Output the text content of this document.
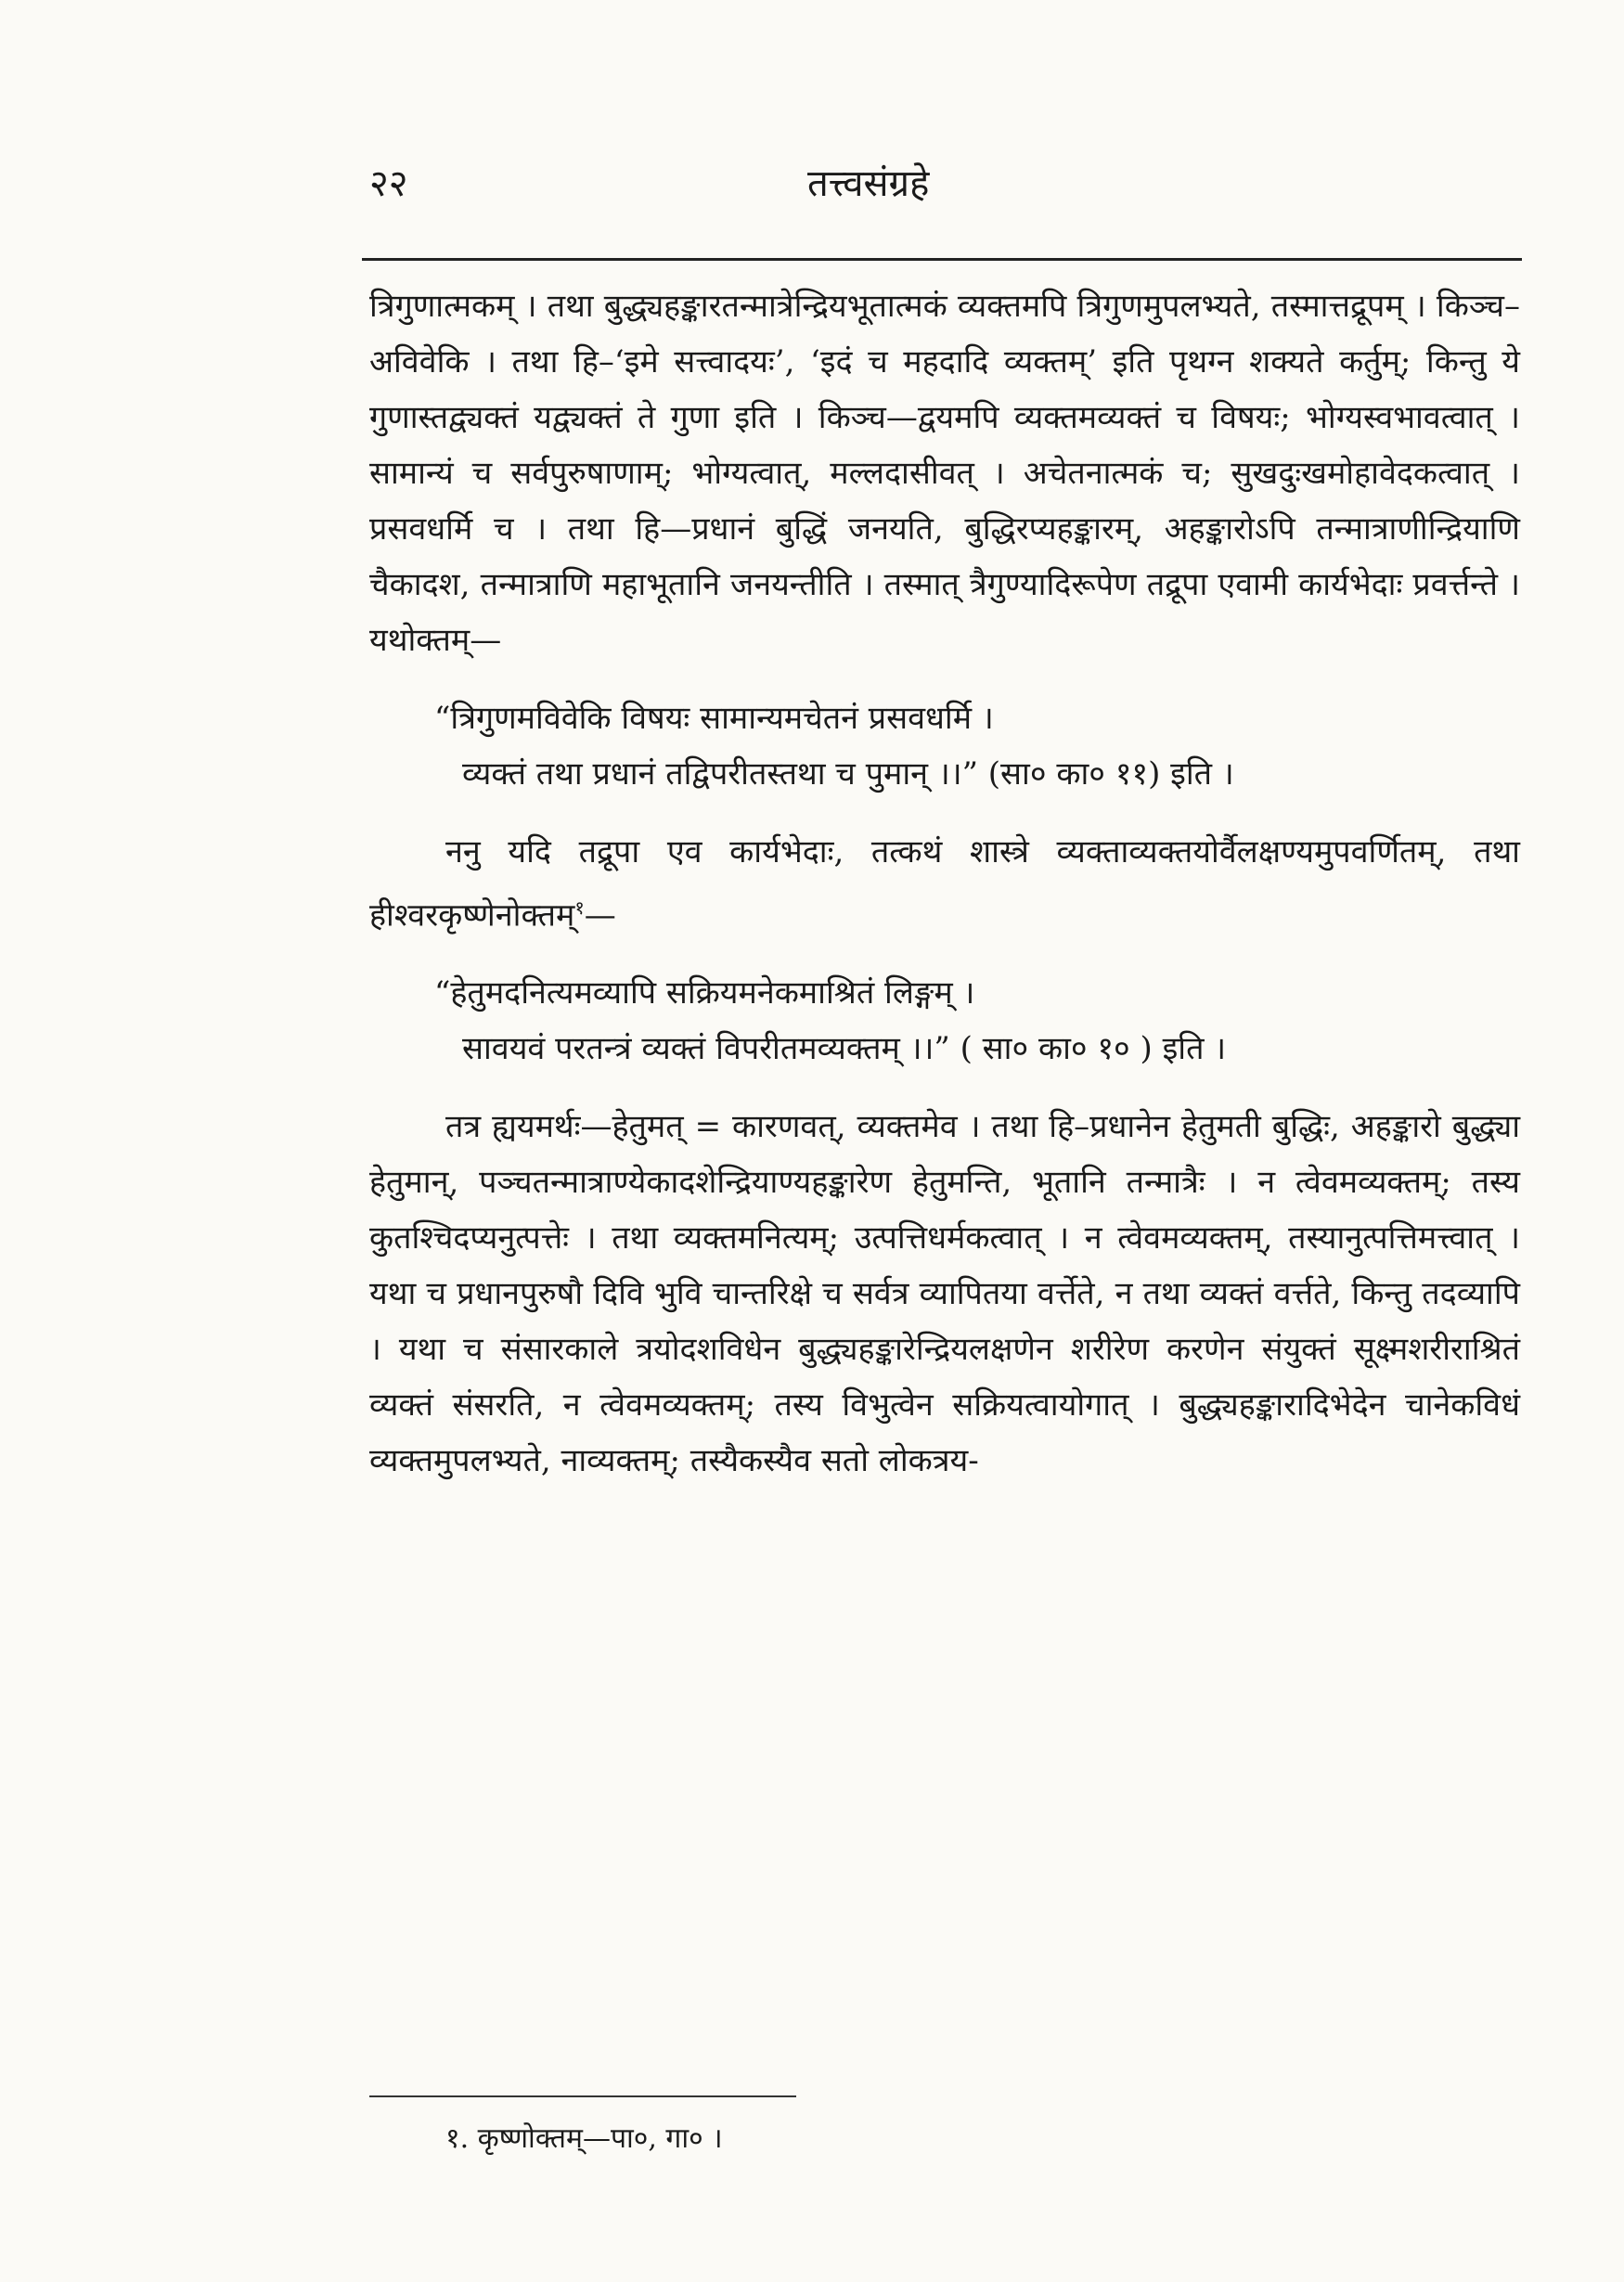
२२	तत्त्वसंग्रहे

त्रिगुणात्मकम् । तथा बुद्ध्यहङ्कारतन्मात्रेन्द्रियभूतात्मकं व्यक्तमपि त्रिगुणमुपलभ्यते, तस्मात्तद्रूपम् । किञ्च–अविवेकि । तथा हि–‘इमे सत्त्वादयः’, ‘इदं च महदादि व्यक्तम्’ इति पृथग्न शक्यते कर्तुम्; किन्तु ये गुणास्तद्व्यक्तं यद्व्यक्तं ते गुणा इति । किञ्च—द्वयमपि व्यक्तमव्यक्तं च विषयः; भोग्यस्वभावत्वात् । सामान्यं च सर्वपुरुषाणाम्; भोग्यत्वात्, मल्लदासीवत् । अचेतनात्मकं च; सुखदुःखमोहावेदकत्वात् । प्रसवधर्मि च । तथा हि—प्रधानं बुद्धिं जनयति, बुद्धिरप्यहङ्कारम्, अहङ्कारोऽपि तन्मात्राणीन्द्रियाणि चैकादश, तन्मात्राणि महाभूतानि जनयन्तीति । तस्मात् त्रैगुण्यादिरूपेण तद्रूपा एवामी कार्यभेदाः प्रवर्त्तन्ते । यथोक्तम्—

“त्रिगुणमविवेकि विषयः सामान्यमचेतनं प्रसवधर्मि ।
व्यक्तं तथा प्रधानं तद्विपरीतस्तथा च पुमान् ।।” (सा० का० ११) इति ।

ननु यदि तद्रूपा एव कार्यभेदाः, तत्कथं शास्त्रे व्यक्ताव्यक्तयोर्वैलक्षण्यमुपवर्णितम्, तथा हीश्वरकृष्णेनोक्तम्$^१$—

“हेतुमदनित्यमव्यापि सक्रियमनेकमाश्रितं लिङ्गम् ।
सावयवं परतन्त्रं व्यक्तं विपरीतमव्यक्तम् ।।” ( सा० का० १० ) इति ।

तत्र ह्ययमर्थः—हेतुमत् = कारणवत्, व्यक्तमेव । तथा हि–प्रधानेन हेतुमती बुद्धिः, अहङ्कारो बुद्ध्या हेतुमान्, पञ्चतन्मात्राण्येकादशेन्द्रियाण्यहङ्कारेण हेतुमन्ति, भूतानि तन्मात्रैः । न त्वेवमव्यक्तम्; तस्य कुतश्चिदप्यनुत्पत्तेः । तथा व्यक्तमनित्यम्; उत्पत्तिधर्मकत्वात् । न त्वेवमव्यक्तम्, तस्यानुत्पत्तिमत्त्वात् । यथा च प्रधानपुरुषौ दिवि भुवि चान्तरिक्षे च सर्वत्र व्यापितया वर्त्तेते, न तथा व्यक्तं वर्त्तते, किन्तु तदव्यापि । यथा च संसारकाले त्रयोदशविधेन बुद्ध्यहङ्कारेन्द्रियलक्षणेन शरीरेण करणेन संयुक्तं सूक्ष्मशरीराश्रितं व्यक्तं संसरति, न त्वेवमव्यक्तम्; तस्य विभुत्वेन सक्रियत्वायोगात् । बुद्ध्यहङ्कारादिभेदेन चानेकविधं व्यक्तमुपलभ्यते, नाव्यक्तम्; तस्यैकस्यैव सतो लोकत्रय-

१. कृष्णोक्तम्—पा०, गा० ।
